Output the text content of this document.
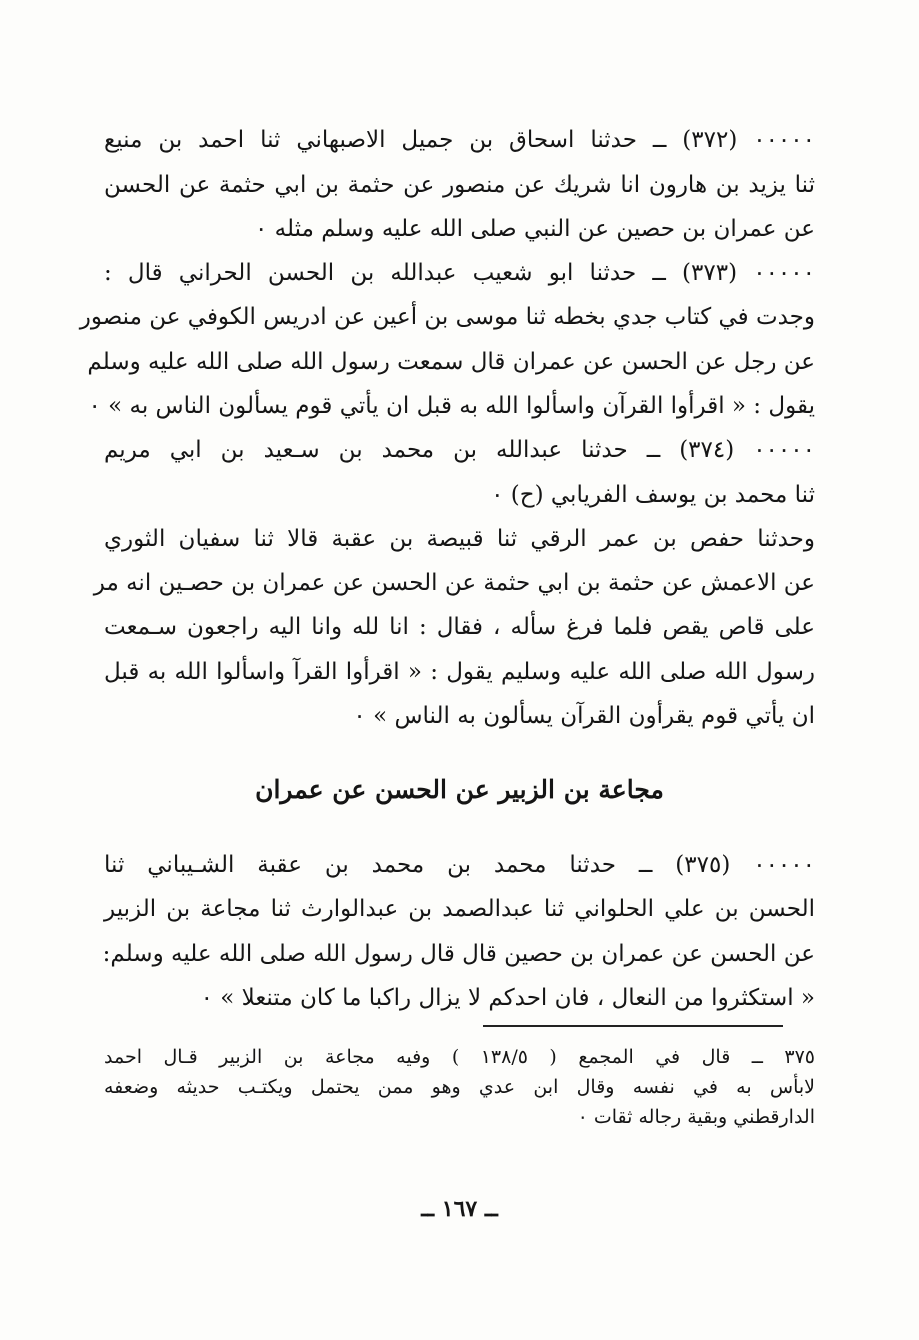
٠٠٠٠٠ (٣٧٢) ــ حدثنا اسحاق بن جميل الاصبهاني ثنا احمد بن منيع
ثنا يزيد بن هارون انا شريك عن منصور عن حثمة بن ابي حثمة عن الحسن
عن عمران بن حصين عن النبي صلى الله عليه وسلم مثله ٠
٠٠٠٠٠ (٣٧٣) ــ حدثنا ابو شعيب عبدالله بن الحسن الحراني قال :
وجدت في كتاب جدي بخطه ثنا موسى بن أعين عن ادريس الكوفي عن منصور
عن رجل عن الحسن عن عمران قال سمعت رسول الله صلى الله عليه وسلم
يقول : « اقرأوا القرآن واسألوا الله به قبل ان يأتي قوم يسألون الناس به » ٠
٠٠٠٠٠ (٣٧٤) ــ حدثنا عبدالله بن محمد بن سـعيد بن ابي مريم
ثنا محمد بن يوسف الفريابي (ح) ٠
وحدثنا حفص بن عمر الرقي ثنا قبيصة بن عقبة قالا ثنا سفيان الثوري
عن الاعمش عن حثمة بن ابي حثمة عن الحسن عن عمران بن حصـين انه مر
على قاص يقص فلما فرغ سأله ، فقال : انا لله وانا اليه راجعون سـمعت
رسول الله صلى الله عليه وسليم يقول : « اقرأوا القرآ واسألوا الله به قبل
ان يأتي قوم يقرأون القرآن يسألون به الناس » ٠
مجاعة بن الزبير عن الحسن عن عمران
٠٠٠٠٠ (٣٧٥) ــ حدثنا محمد بن محمد بن عقبة الشـيباني ثنا
الحسن بن علي الحلواني ثنا عبدالصمد بن عبدالوارث ثنا مجاعة بن الزبير
عن الحسن عن عمران بن حصين قال قال رسول الله صلى الله عليه وسلم:
« استكثروا من النعال ، فان احدكم لا يزال راكبا ما كان متنعلا » ٠
٣٧٥ ــ قال في المجمع ( ١٣٨/٥ ) وفيه مجاعة بن الزبير قـال احمد
لابأس به في نفسه وقال ابن عدي وهو ممن يحتمل ويكتـب حديثه وضعفه
الدارقطني وبقية رجاله ثقات ٠
ــ ١٦٧ ــ
